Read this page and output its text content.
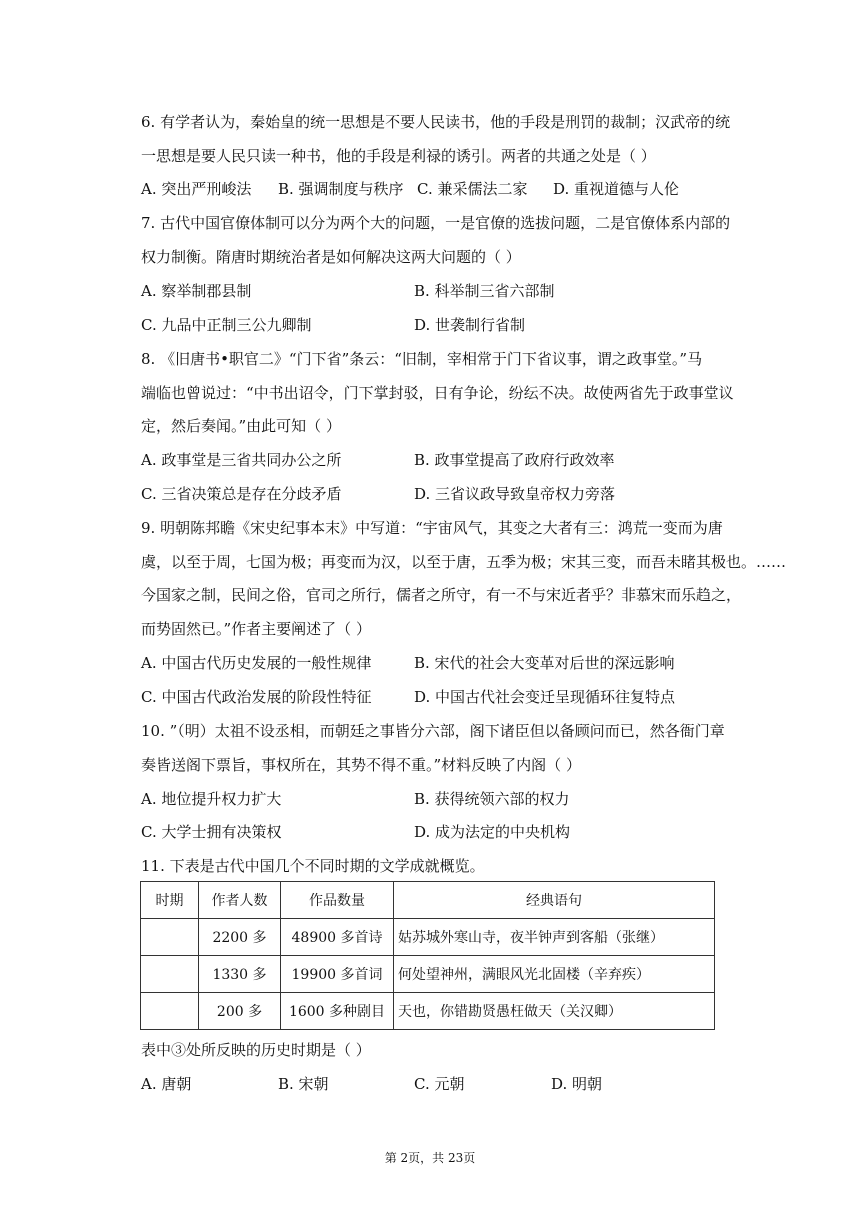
6. 有学者认为，秦始皇的统一思想是不要人民读书，他的手段是刑罚的裁制；汉武帝的统
一思想是要人民只读一种书，他的手段是利禄的诱引。两者的共通之处是（ ）
A. 突出严刑峻法 B. 强调制度与秩序 C. 兼采儒法二家 D. 重视道德与人伦
7. 古代中国官僚体制可以分为两个大的问题，一是官僚的选拔问题，二是官僚体系内部的
权力制衡。隋唐时期统治者是如何解决这两大问题的（ ）
A. 察举制郡县制	B. 科举制三省六部制
C. 九品中正制三公九卿制	D. 世袭制行省制
8. 《旧唐书•职官二》“门下省”条云：“旧制，宰相常于门下省议事，谓之政事堂。”马
端临也曾说过：“中书出诏令，门下掌封驳，日有争论，纷纭不决。故使两省先于政事堂议
定，然后奏闻。”由此可知（ ）
A. 政事堂是三省共同办公之所	B. 政事堂提高了政府行政效率
C. 三省决策总是存在分歧矛盾	D. 三省议政导致皇帝权力旁落
9. 明朝陈邦瞻《宋史纪事本末》中写道：“宇宙风气，其变之大者有三：鸿荒一变而为唐
虞，以至于周，七国为极；再变而为汉，以至于唐，五季为极；宋其三变，而吾未睹其极也。……
今国家之制，民间之俗，官司之所行，儒者之所守，有一不与宋近者乎？非慕宋而乐趋之，
而势固然已。”作者主要阐述了（ ）
A. 中国古代历史发展的一般性规律	B. 宋代的社会大变革对后世的深远影响
C. 中国古代政治发展的阶段性特征	D. 中国古代社会变迁呈现循环往复特点
10. ”（明）太祖不设丞相，而朝廷之事皆分六部，阁下诸臣但以备顾问而已，然各衙门章
奏皆送阁下票旨，事权所在，其势不得不重。”材料反映了内阁（ ）
A. 地位提升权力扩大	B. 获得统领六部的权力
C. 大学士拥有决策权	D. 成为法定的中央机构
11. 下表是古代中国几个不同时期的文学成就概览。
时期	作者人数	作品数量	经典语句
	2200 多	48900 多首诗	姑苏城外寒山寺，夜半钟声到客船（张继）
	1330 多	19900 多首词	何处望神州，满眼风光北固楼（辛弃疾）
	200 多	1600 多种剧目	天也，你错勘贤愚枉做天（关汉卿）
表中③处所反映的历史时期是（ ）
A. 唐朝	B. 宋朝	C. 元朝	D. 明朝
第 2页，共 23页
